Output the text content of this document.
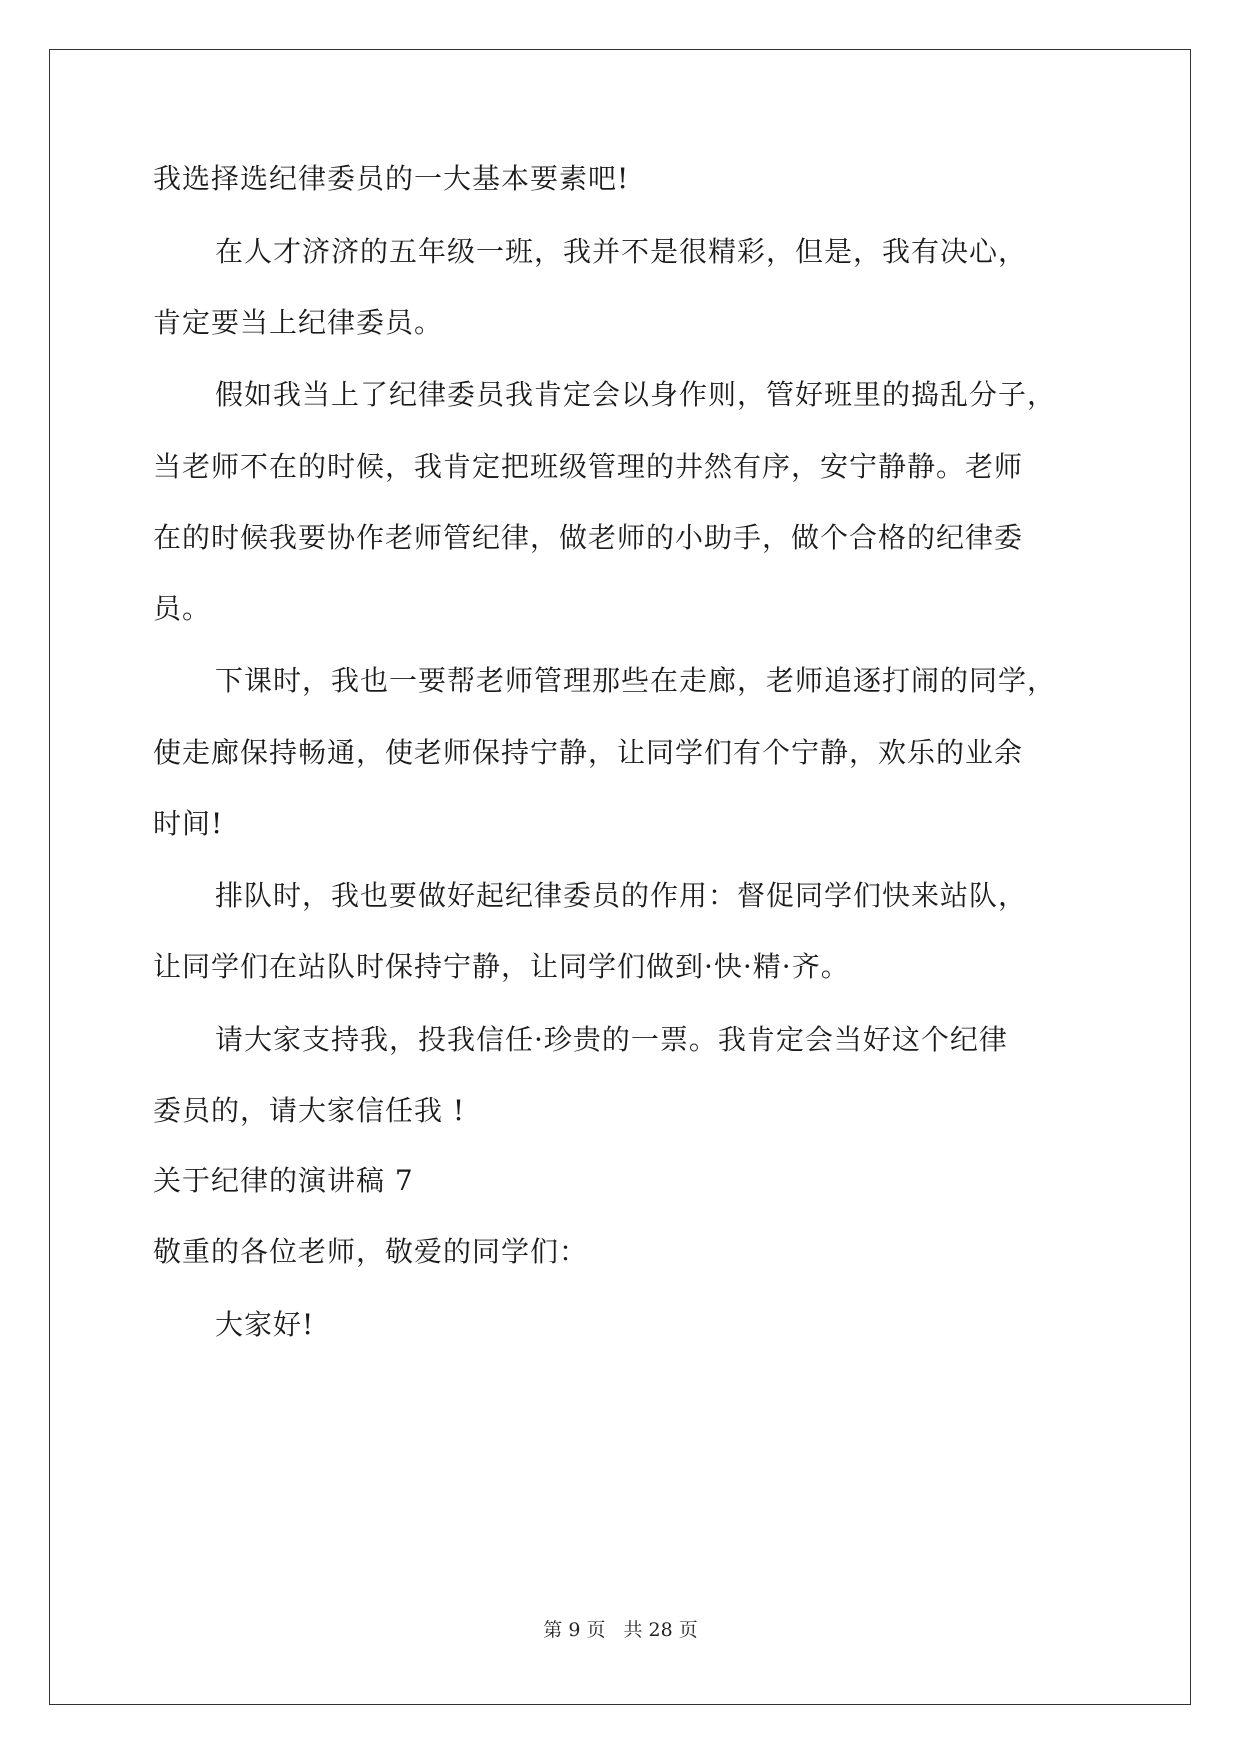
我选择选纪律委员的一大基本要素吧!
在人才济济的五年级一班，我并不是很精彩，但是，我有决心，
肯定要当上纪律委员。
假如我当上了纪律委员我肯定会以身作则，管好班里的捣乱分子，
当老师不在的时候，我肯定把班级管理的井然有序，安宁静静。老师
在的时候我要协作老师管纪律，做老师的小助手，做个合格的纪律委
员。
下课时，我也一要帮老师管理那些在走廊，老师追逐打闹的同学，
使走廊保持畅通，使老师保持宁静，让同学们有个宁静，欢乐的业余
时间!
排队时，我也要做好起纪律委员的作用：督促同学们快来站队，
让同学们在站队时保持宁静，让同学们做到·快·精·齐。
请大家支持我，投我信任·珍贵的一票。我肯定会当好这个纪律
委员的，请大家信任我 !
关于纪律的演讲稿 7
敬重的各位老师，敬爱的同学们：
大家好!
第 9 页 共 28 页
